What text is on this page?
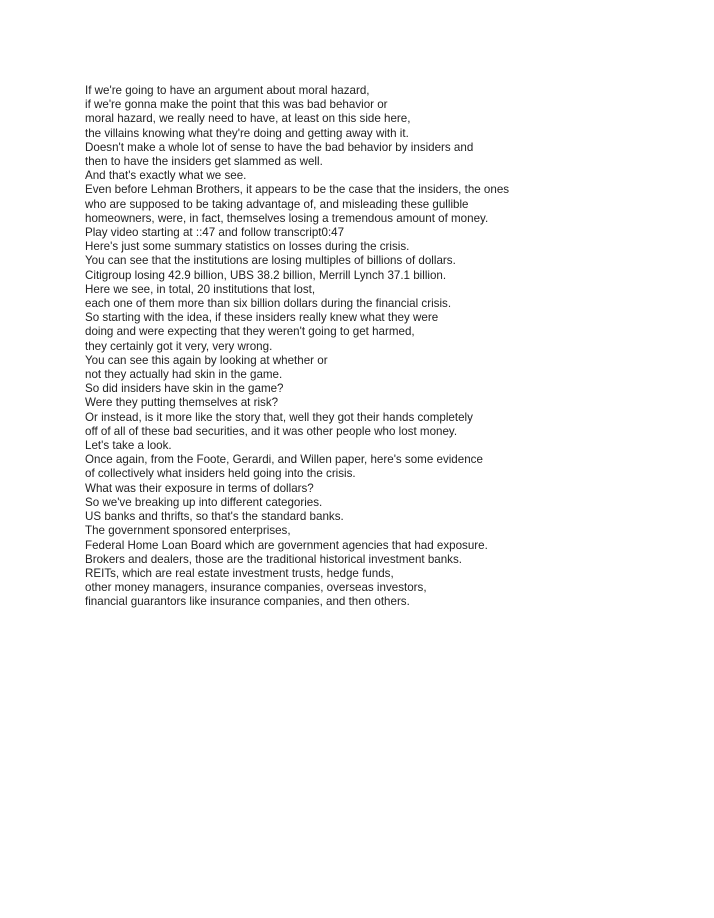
If we're going to have an argument about moral hazard,
if we're gonna make the point that this was bad behavior or
moral hazard, we really need to have, at least on this side here,
the villains knowing what they're doing and getting away with it.
Doesn't make a whole lot of sense to have the bad behavior by insiders and
then to have the insiders get slammed as well.
And that's exactly what we see.
Even before Lehman Brothers, it appears to be the case that the insiders, the ones
who are supposed to be taking advantage of, and misleading these gullible
homeowners, were, in fact, themselves losing a tremendous amount of money.
Play video starting at ::47 and follow transcript0:47
Here's just some summary statistics on losses during the crisis.
You can see that the institutions are losing multiples of billions of dollars.
Citigroup losing 42.9 billion, UBS 38.2 billion, Merrill Lynch 37.1 billion.
Here we see, in total, 20 institutions that lost,
each one of them more than six billion dollars during the financial crisis.
So starting with the idea, if these insiders really knew what they were
doing and were expecting that they weren't going to get harmed,
they certainly got it very, very wrong.
You can see this again by looking at whether or
not they actually had skin in the game.
So did insiders have skin in the game?
Were they putting themselves at risk?
Or instead, is it more like the story that, well they got their hands completely
off of all of these bad securities, and it was other people who lost money.
Let's take a look.
Once again, from the Foote, Gerardi, and Willen paper, here's some evidence
of collectively what insiders held going into the crisis.
What was their exposure in terms of dollars?
So we've breaking up into different categories.
US banks and thrifts, so that's the standard banks.
The government sponsored enterprises,
Federal Home Loan Board which are government agencies that had exposure.
Brokers and dealers, those are the traditional historical investment banks.
REITs, which are real estate investment trusts, hedge funds,
other money managers, insurance companies, overseas investors,
financial guarantors like insurance companies, and then others.
